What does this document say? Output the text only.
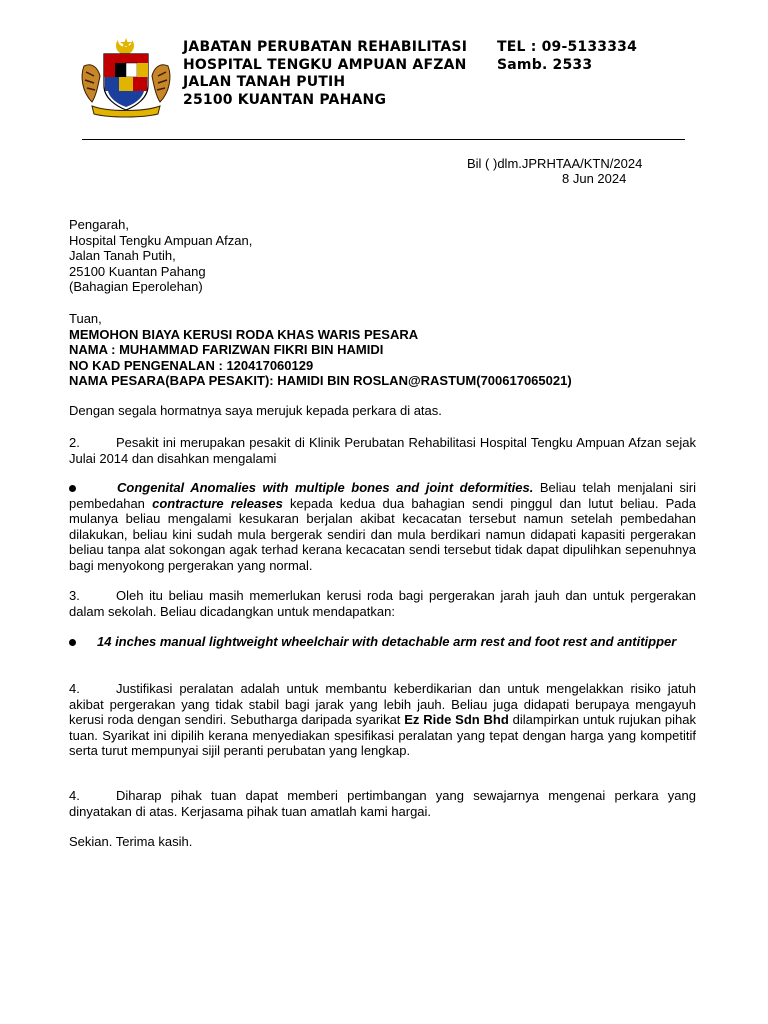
JABATAN PERUBATAN REHABILITASI TEL : 09-5133334
HOSPITAL TENGKU AMPUAN AFZAN Samb. 2533
JALAN TANAH PUTIH
25100 KUANTAN PAHANG
Bil ( )dlm.JPRHTAA/KTN/2024
8 Jun 2024
Pengarah,
Hospital Tengku Ampuan Afzan,
Jalan Tanah Putih,
25100 Kuantan Pahang
(Bahagian Eperolehan)
Tuan,
MEMOHON BIAYA KERUSI RODA KHAS WARIS PESARA
NAMA : MUHAMMAD FARIZWAN FIKRI BIN HAMIDI
NO KAD PENGENALAN : 120417060129
NAMA PESARA(BAPA PESAKIT): HAMIDI BIN ROSLAN@RASTUM(700617065021)
Dengan segala hormatnya saya merujuk kepada perkara di atas.
2.	Pesakit ini merupakan pesakit di Klinik Perubatan Rehabilitasi Hospital Tengku Ampuan Afzan sejak Julai 2014 dan disahkan mengalami
Congenital Anomalies with multiple bones and joint deformities. Beliau telah menjalani siri pembedahan contracture releases kepada kedua dua bahagian sendi pinggul dan lutut beliau. Pada mulanya beliau mengalami kesukaran berjalan akibat kecacatan tersebut namun setelah pembedahan dilakukan, beliau kini sudah mula bergerak sendiri dan mula berdikari namun didapati kapasiti pergerakan beliau tanpa alat sokongan agak terhad kerana kecacatan sendi tersebut tidak dapat dipulihkan sepenuhnya bagi menyokong pergerakan yang normal.
3.	Oleh itu beliau masih memerlukan kerusi roda bagi pergerakan jarah jauh dan untuk pergerakan dalam sekolah. Beliau dicadangkan untuk mendapatkan:
14 inches manual lightweight wheelchair with detachable arm rest and foot rest and antitipper
4.	Justifikasi peralatan adalah untuk membantu keberdikarian dan untuk mengelakkan risiko jatuh akibat pergerakan yang tidak stabil bagi jarak yang lebih jauh. Beliau juga didapati berupaya mengayuh kerusi roda dengan sendiri. Sebutharga daripada syarikat Ez Ride Sdn Bhd dilampirkan untuk rujukan pihak tuan. Syarikat ini dipilih kerana menyediakan spesifikasi peralatan yang tepat dengan harga yang kompetitif serta turut mempunyai sijil peranti perubatan yang lengkap.
4.	Diharap pihak tuan dapat memberi pertimbangan yang sewajarnya mengenai perkara yang dinyatakan di atas. Kerjasama pihak tuan amatlah kami hargai.
Sekian. Terima kasih.
